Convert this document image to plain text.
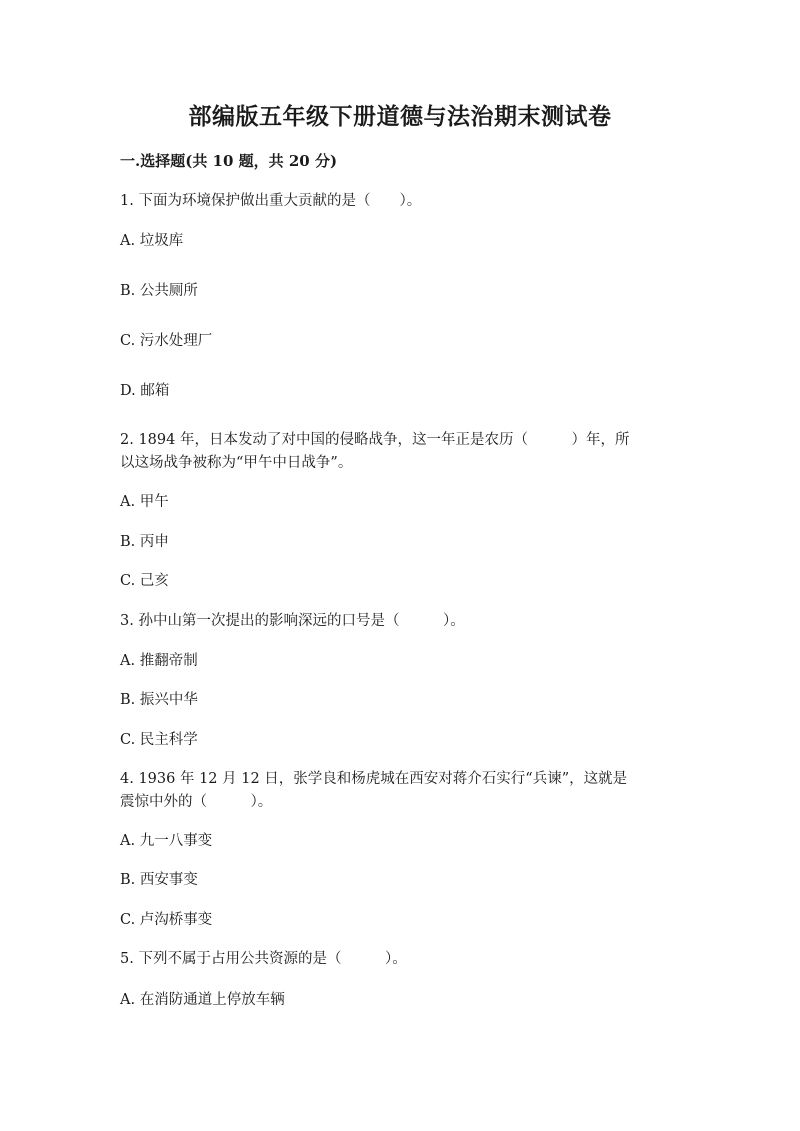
部编版五年级下册道德与法治期末测试卷
一.选择题(共 10 题，共 20 分)
1. 下面为环境保护做出重大贡献的是（　　）。
A. 垃圾库
B. 公共厕所
C. 污水处理厂
D. 邮箱
2. 1894 年，日本发动了对中国的侵略战争，这一年正是农历（　　　）年，所
以这场战争被称为“甲午中日战争”。
A. 甲午
B. 丙申
C. 己亥
3. 孙中山第一次提出的影响深远的口号是（　　　）。
A. 推翻帝制
B. 振兴中华
C. 民主科学
4. 1936 年 12 月 12 日，张学良和杨虎城在西安对蒋介石实行“兵谏”，这就是
震惊中外的（　　　）。
A. 九一八事变
B. 西安事变
C. 卢沟桥事变
5. 下列不属于占用公共资源的是（　　　）。
A. 在消防通道上停放车辆
